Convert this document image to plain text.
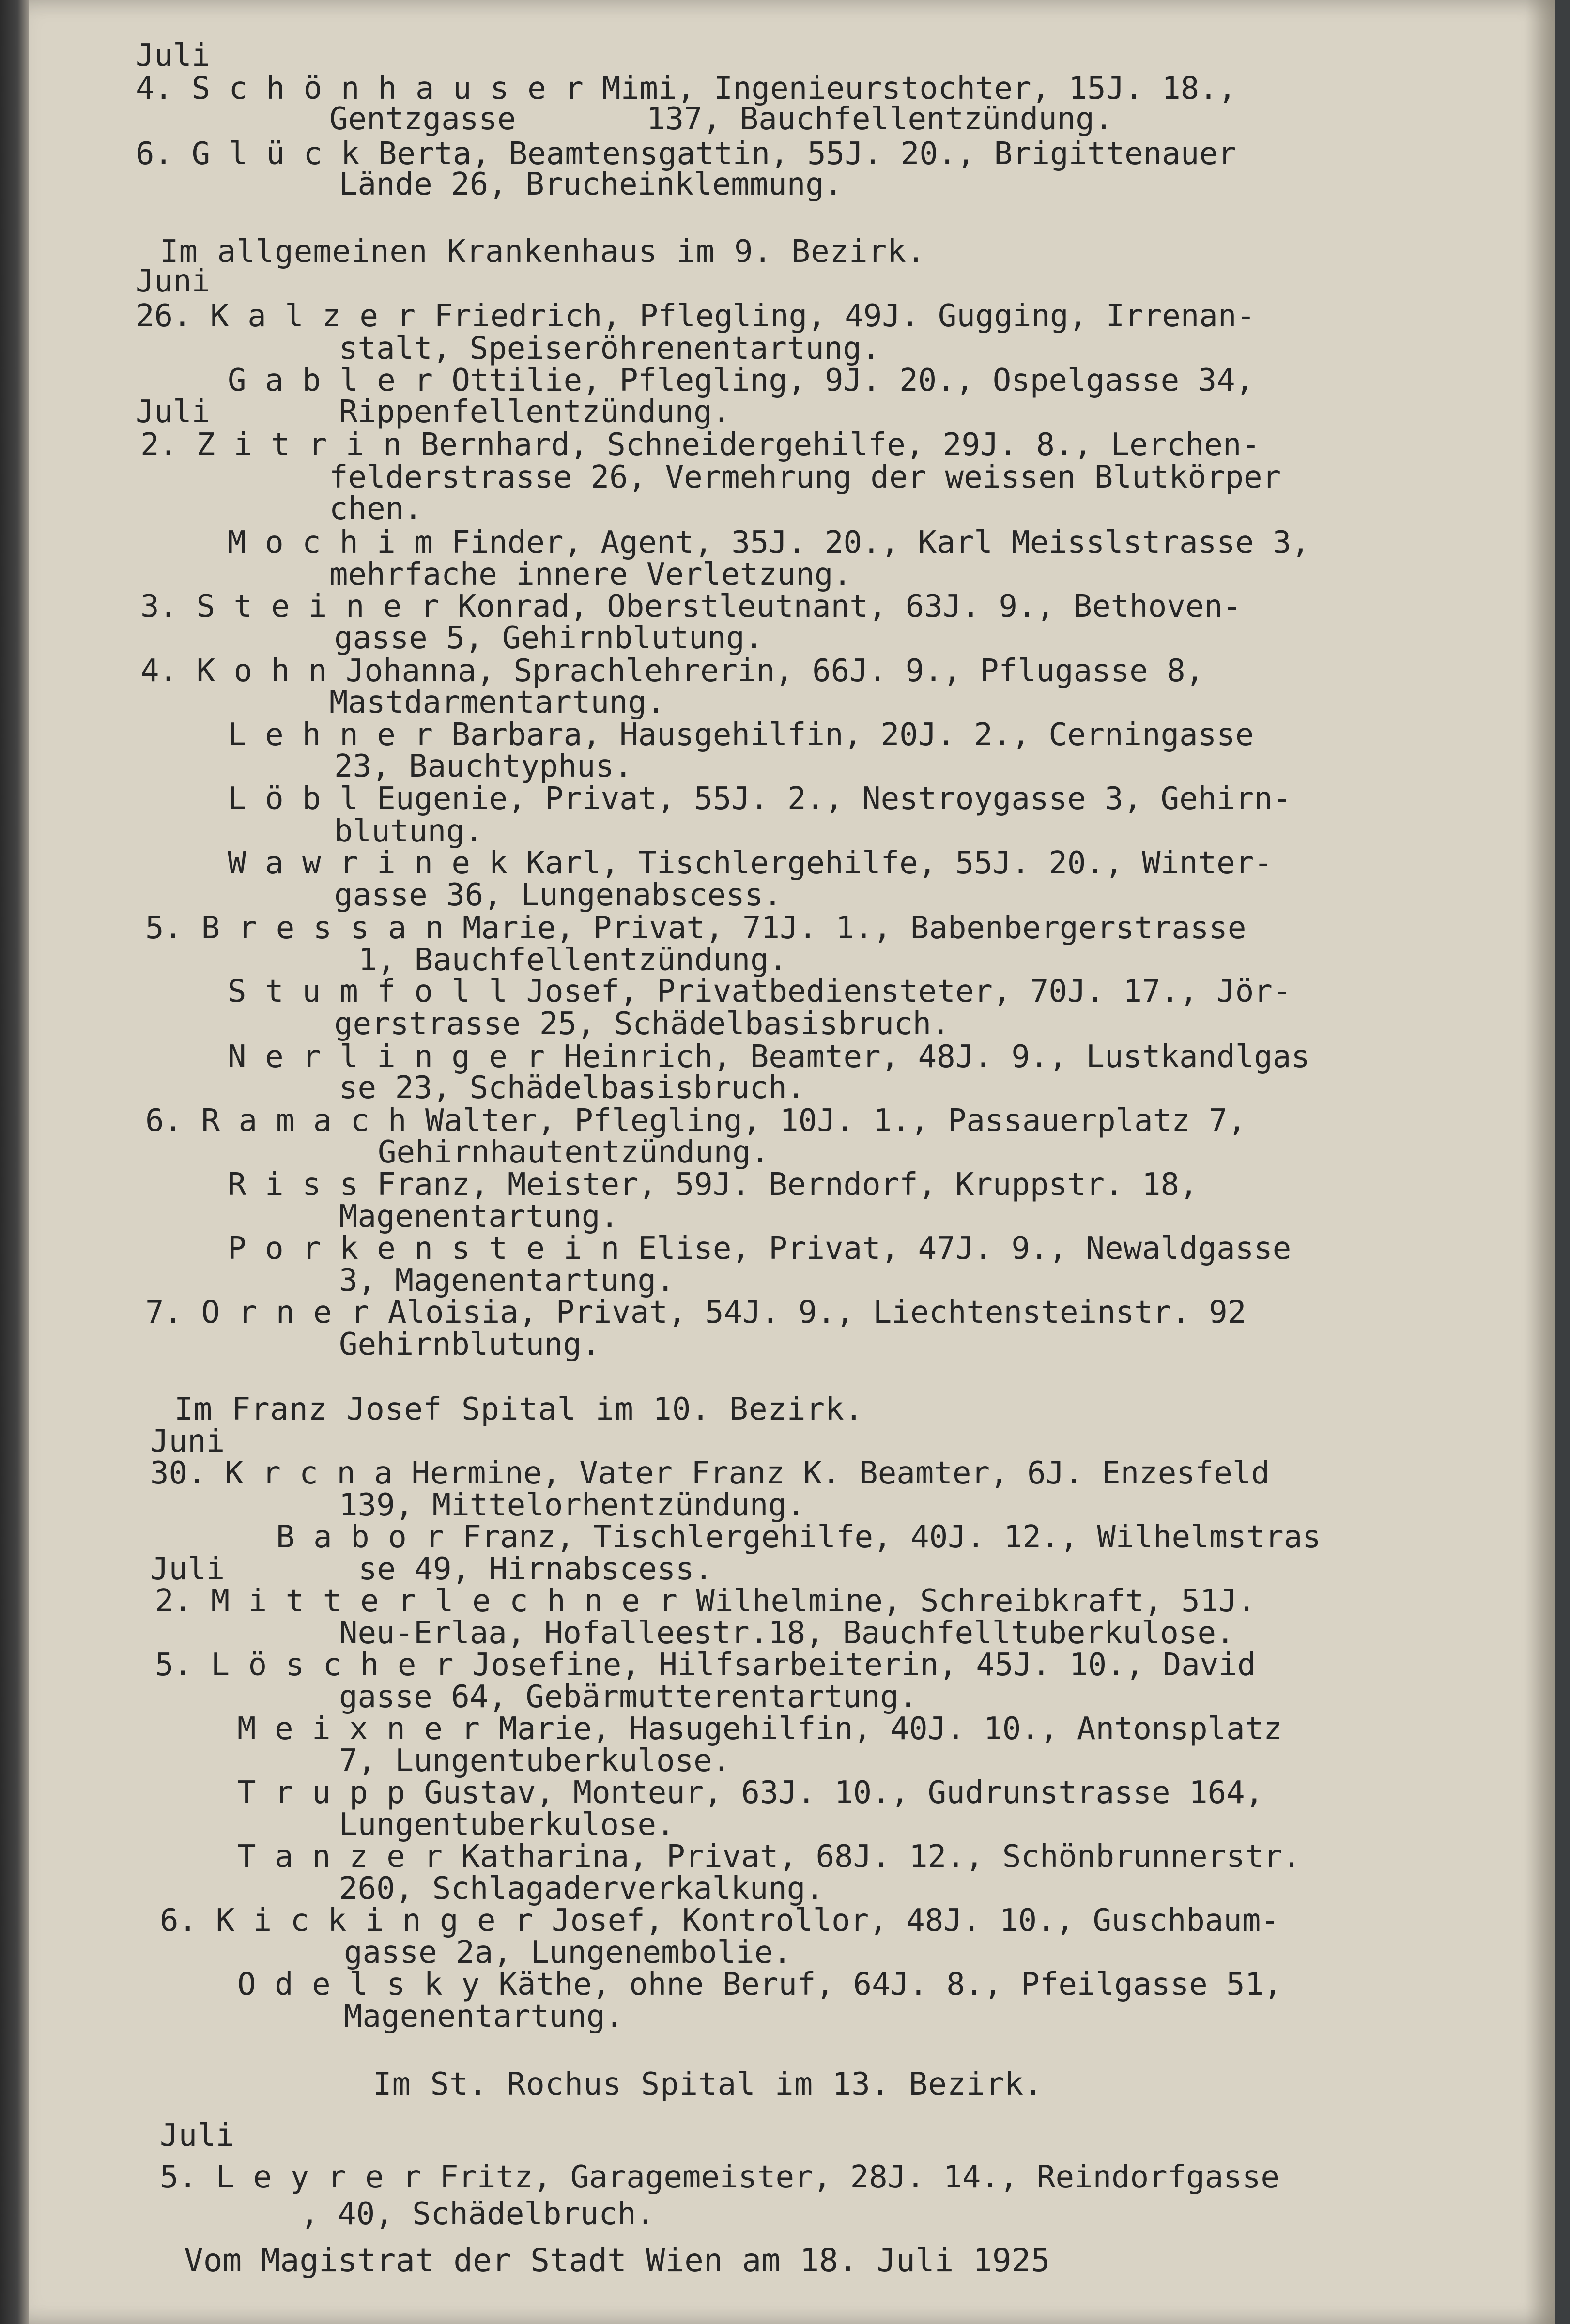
Juli
4. S c h ö n h a u s e r Mimi, Ingenieurstochter, 15J. 18.,
Gentzgasse       137, Bauchfellentzündung.
6. G l ü c k Berta, Beamtensgattin, 55J. 20., Brigittenauer
Lände 26, Brucheinklemmung.
Im allgemeinen Krankenhaus im 9. Bezirk.
Juni
26. K a l z e r Friedrich, Pflegling, 49J. Gugging, Irrenan-
stalt, Speiseröhrenentartung.
G a b l e r Ottilie, Pflegling, 9J. 20., Ospelgasse 34,
Juli	Rippenfellentzündung.
2. Z i t r i n Bernhard, Schneidergehilfe, 29J. 8., Lerchen-
felderstrasse 26, Vermehrung der weissen Blutkörper
chen.
M o c h i m Finder, Agent, 35J. 20., Karl Meisslstrasse 3,
mehrfache innere Verletzung.
3. S t e i n e r Konrad, Oberstleutnant, 63J. 9., Bethoven-
gasse 5, Gehirnblutung.
4. K o h n Johanna, Sprachlehrerin, 66J. 9., Pflugasse 8,
Mastdarmentartung.
L e h n e r Barbara, Hausgehilfin, 20J. 2., Cerningasse
23, Bauchtyphus.
L ö b l Eugenie, Privat, 55J. 2., Nestroygasse 3, Gehirn-
blutung.
W a w r i n e k Karl, Tischlergehilfe, 55J. 20., Winter-
gasse 36, Lungenabscess.
5. B r e s s a n Marie, Privat, 71J. 1., Babenbergerstrasse
1, Bauchfellentzündung.
S t u m f o l l Josef, Privatbediensteter, 70J. 17., Jör-
gerstrasse 25, Schädelbasisbruch.
N e r l i n g e r Heinrich, Beamter, 48J. 9., Lustkandlgas
se 23, Schädelbasisbruch.
6. R a m a c h Walter, Pflegling, 10J. 1., Passauerplatz 7,
Gehirnhautentzündung.
R i s s Franz, Meister, 59J. Berndorf, Kruppstr. 18,
Magenentartung.
P o r k e n s t e i n Elise, Privat, 47J. 9., Newaldgasse
3, Magenentartung.
7. O r n e r Aloisia, Privat, 54J. 9., Liechtensteinstr. 92
Gehirnblutung.
Im Franz Josef Spital im 10. Bezirk.
Juni
30. K r c n a Hermine, Vater Franz K. Beamter, 6J. Enzesfeld
139, Mittelorhentzündung.
B a b o r Franz, Tischlergehilfe, 40J. 12., Wilhelmstras
Juli	se 49, Hirnabscess.
2. M i t t e r l e c h n e r Wilhelmine, Schreibkraft, 51J.
Neu-Erlaa, Hofalleestr.18, Bauchfelltuberkulose.
5. L ö s c h e r Josefine, Hilfsarbeiterin, 45J. 10., David
gasse 64, Gebärmutterentartung.
M e i x n e r Marie, Hasugehilfin, 40J. 10., Antonsplatz
7, Lungentuberkulose.
T r u p p Gustav, Monteur, 63J. 10., Gudrunstrasse 164,
Lungentuberkulose.
T a n z e r Katharina, Privat, 68J. 12., Schönbrunnerstr.
260, Schlagaderverkalkung.
6. K i c k i n g e r Josef, Kontrollor, 48J. 10., Guschbaum-
gasse 2a, Lungenembolie.
O d e l s k y Käthe, ohne Beruf, 64J. 8., Pfeilgasse 51,
Magenentartung.
Im St. Rochus Spital im 13. Bezirk.
Juli
5. L e y r e r Fritz, Garagemeister, 28J. 14., Reindorfgasse
, 40, Schädelbruch.
Vom Magistrat der Stadt Wien am 18. Juli 1925
